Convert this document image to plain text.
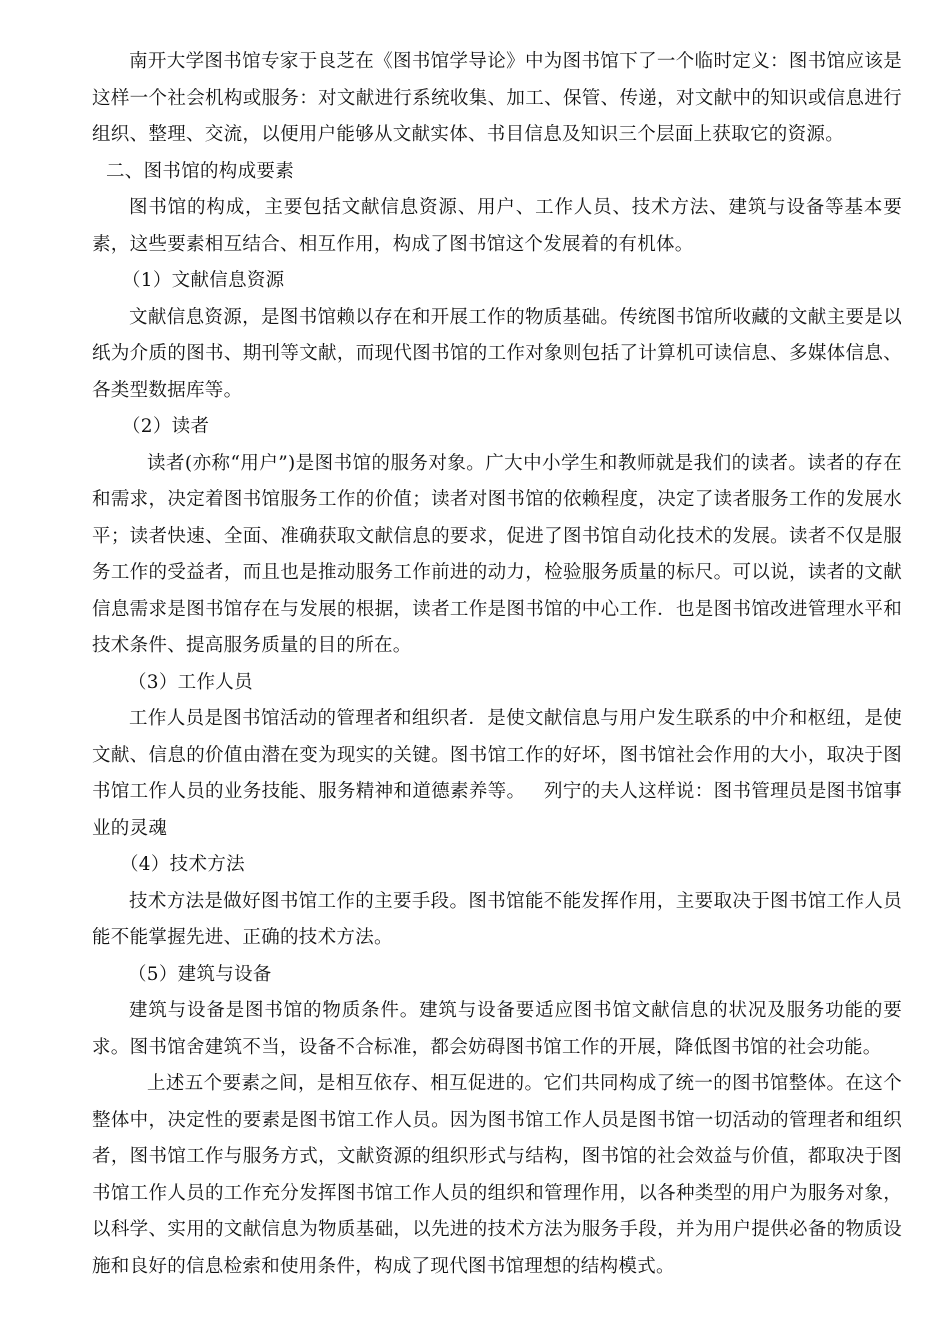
南开大学图书馆专家于良芝在《图书馆学导论》中为图书馆下了一个临时定义：图书馆应该是这样一个社会机构或服务：对文献进行系统收集、加工、保管、传递，对文献中的知识或信息进行组织、整理、交流，以便用户能够从文献实体、书目信息及知识三个层面上获取它的资源。

二、图书馆的构成要素

图书馆的构成，主要包括文献信息资源、用户、工作人员、技术方法、建筑与设备等基本要素，这些要素相互结合、相互作用，构成了图书馆这个发展着的有机体。

（1）文献信息资源

文献信息资源，是图书馆赖以存在和开展工作的物质基础。传统图书馆所收藏的文献主要是以纸为介质的图书、期刊等文献，而现代图书馆的工作对象则包括了计算机可读信息、多媒体信息、各类型数据库等。

（2）读者

读者(亦称“用户”)是图书馆的服务对象。广大中小学生和教师就是我们的读者。读者的存在和需求，决定着图书馆服务工作的价值；读者对图书馆的依赖程度，决定了读者服务工作的发展水平；读者快速、全面、准确获取文献信息的要求，促进了图书馆自动化技术的发展。读者不仅是服务工作的受益者，而且也是推动服务工作前进的动力，检验服务质量的标尺。可以说，读者的文献信息需求是图书馆存在与发展的根据，读者工作是图书馆的中心工作．也是图书馆改进管理水平和技术条件、提高服务质量的目的所在。

（3）工作人员

工作人员是图书馆活动的管理者和组织者．是使文献信息与用户发生联系的中介和枢纽，是使文献、信息的价值由潜在变为现实的关键。图书馆工作的好坏，图书馆社会作用的大小，取决于图书馆工作人员的业务技能、服务精神和道德素养等。   列宁的夫人这样说：图书管理员是图书馆事业的灵魂

（4）技术方法

技术方法是做好图书馆工作的主要手段。图书馆能不能发挥作用，主要取决于图书馆工作人员能不能掌握先进、正确的技术方法。

（5）建筑与设备

建筑与设备是图书馆的物质条件。建筑与设备要适应图书馆文献信息的状况及服务功能的要求。图书馆舍建筑不当，设备不合标准，都会妨碍图书馆工作的开展，降低图书馆的社会功能。

上述五个要素之间，是相互依存、相互促进的。它们共同构成了统一的图书馆整体。在这个整体中，决定性的要素是图书馆工作人员。因为图书馆工作人员是图书馆一切活动的管理者和组织者，图书馆工作与服务方式，文献资源的组织形式与结构，图书馆的社会效益与价值，都取决于图书馆工作人员的工作充分发挥图书馆工作人员的组织和管理作用，以各种类型的用户为服务对象，以科学、实用的文献信息为物质基础，以先进的技术方法为服务手段，并为用户提供必备的物质设施和良好的信息检索和使用条件，构成了现代图书馆理想的结构模式。
